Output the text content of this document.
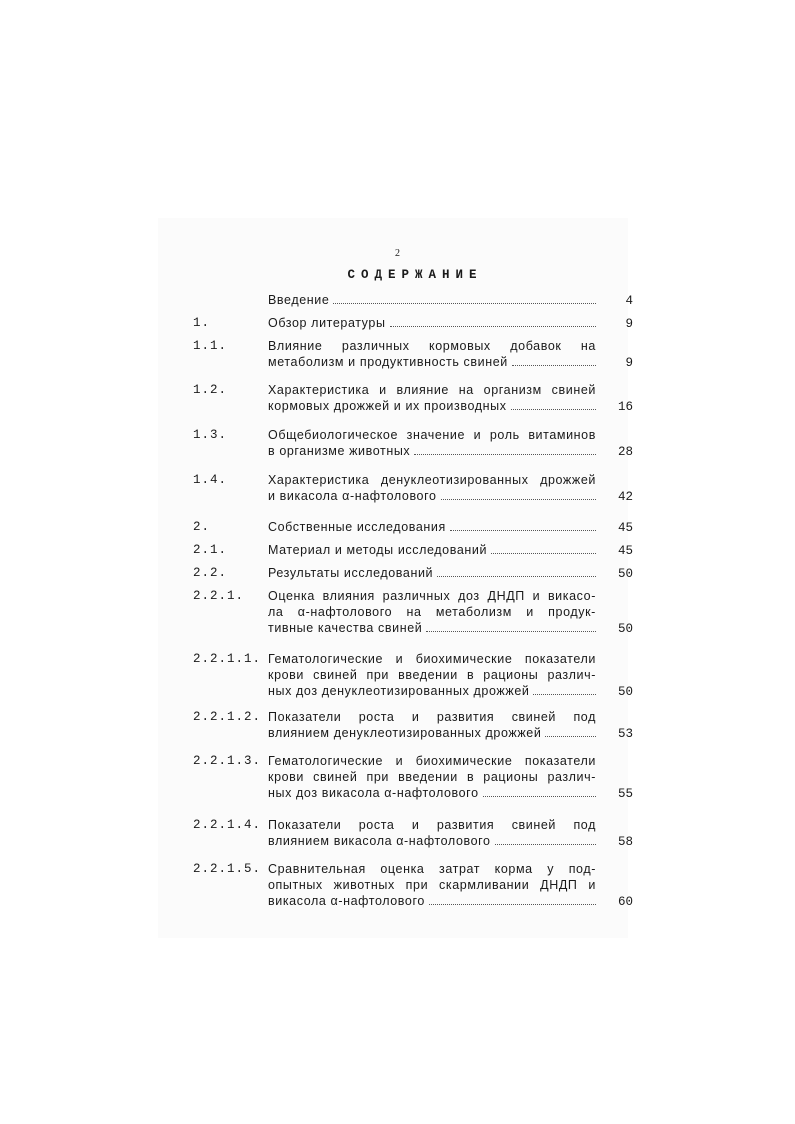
2
СОДЕРЖАНИЕ
Введение	4
1.	Обзор литературы	9
1.1.	Влияние различных кормовых добавок на
метаболизм и продуктивность свиней	9
1.2.	Характеристика и влияние на организм свиней
кормовых дрожжей и их производных	16
1.3.	Общебиологическое значение и роль витаминов
в организме животных	28
1.4.	Характеристика денуклеотизированных дрожжей
и викасола α-нафтолового	42
2.	Собственные исследования	45
2.1.	Материал и методы исследований	45
2.2.	Результаты исследований	50
2.2.1. Оценка влияния различных доз ДНДП и викасо-
ла α-нафтолового на метаболизм и продук-
тивные качества свиней	50
2.2.1.1. Гематологические и биохимические показатели
крови свиней при введении в рационы различ-
ных доз денуклеотизированных дрожжей	50
2.2.1.2. Показатели роста и развития свиней под
влиянием денуклеотизированных дрожжей	53
2.2.1.3. Гематологические и биохимические показатели
крови свиней при введении в рационы различ-
ных доз викасола α-нафтолового	55
2.2.1.4. Показатели роста и развития свиней под
влиянием викасола α-нафтолового	58
2.2.1.5. Сравнительная оценка затрат корма у под-
опытных животных при скармливании ДНДП и
викасола α-нафтолового	60
